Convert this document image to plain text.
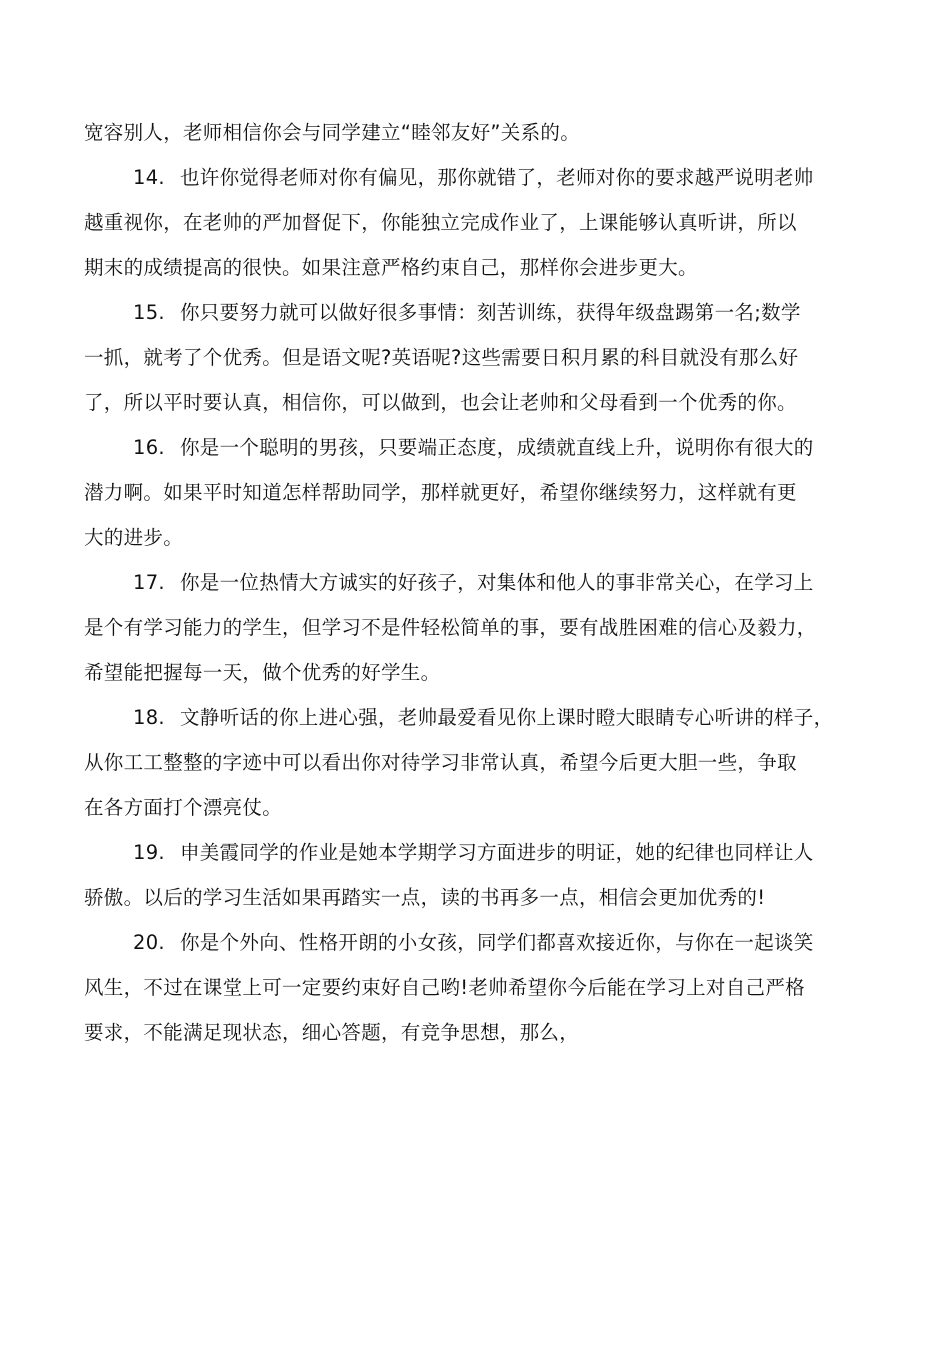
宽容别人，老师相信你会与同学建立“睦邻友好”关系的。

14. 也许你觉得老师对你有偏见，那你就错了，老师对你的要求越严说明老帅
越重视你，在老帅的严加督促下，你能独立完成作业了，上课能够认真听讲，所以
期末的成绩提高的很快。如果注意严格约束自己，那样你会进步更大。

15. 你只要努力就可以做好很多事情：刻苦训练，获得年级盘踢第一名;数学
一抓，就考了个优秀。但是语文呢?英语呢?这些需要日积月累的科目就没有那么好
了，所以平时要认真，相信你，可以做到，也会让老帅和父母看到一个优秀的你。

16. 你是一个聪明的男孩，只要端正态度，成绩就直线上升，说明你有很大的
潜力啊。如果平时知道怎样帮助同学，那样就更好，希望你继续努力，这样就有更
大的进步。

17. 你是一位热情大方诚实的好孩子，对集体和他人的事非常关心，在学习上
是个有学习能力的学生，但学习不是件轻松简单的事，要有战胜困难的信心及毅力，
希望能把握每一天，做个优秀的好学生。

18. 文静听话的你上进心强，老帅最爱看见你上课时瞪大眼睛专心听讲的样子，
从你工工整整的字迹中可以看出你对待学习非常认真，希望今后更大胆一些，争取
在各方面打个漂亮仗。

19. 申美霞同学的作业是她本学期学习方面进步的明证，她的纪律也同样让人
骄傲。以后的学习生活如果再踏实一点，读的书再多一点，相信会更加优秀的!

20. 你是个外向、性格开朗的小女孩，同学们都喜欢接近你，与你在一起谈笑
风生，不过在课堂上可一定要约束好自己哟!老帅希望你今后能在学习上对自己严格
要求，不能满足现状态，细心答题，有竞争思想，那么，
